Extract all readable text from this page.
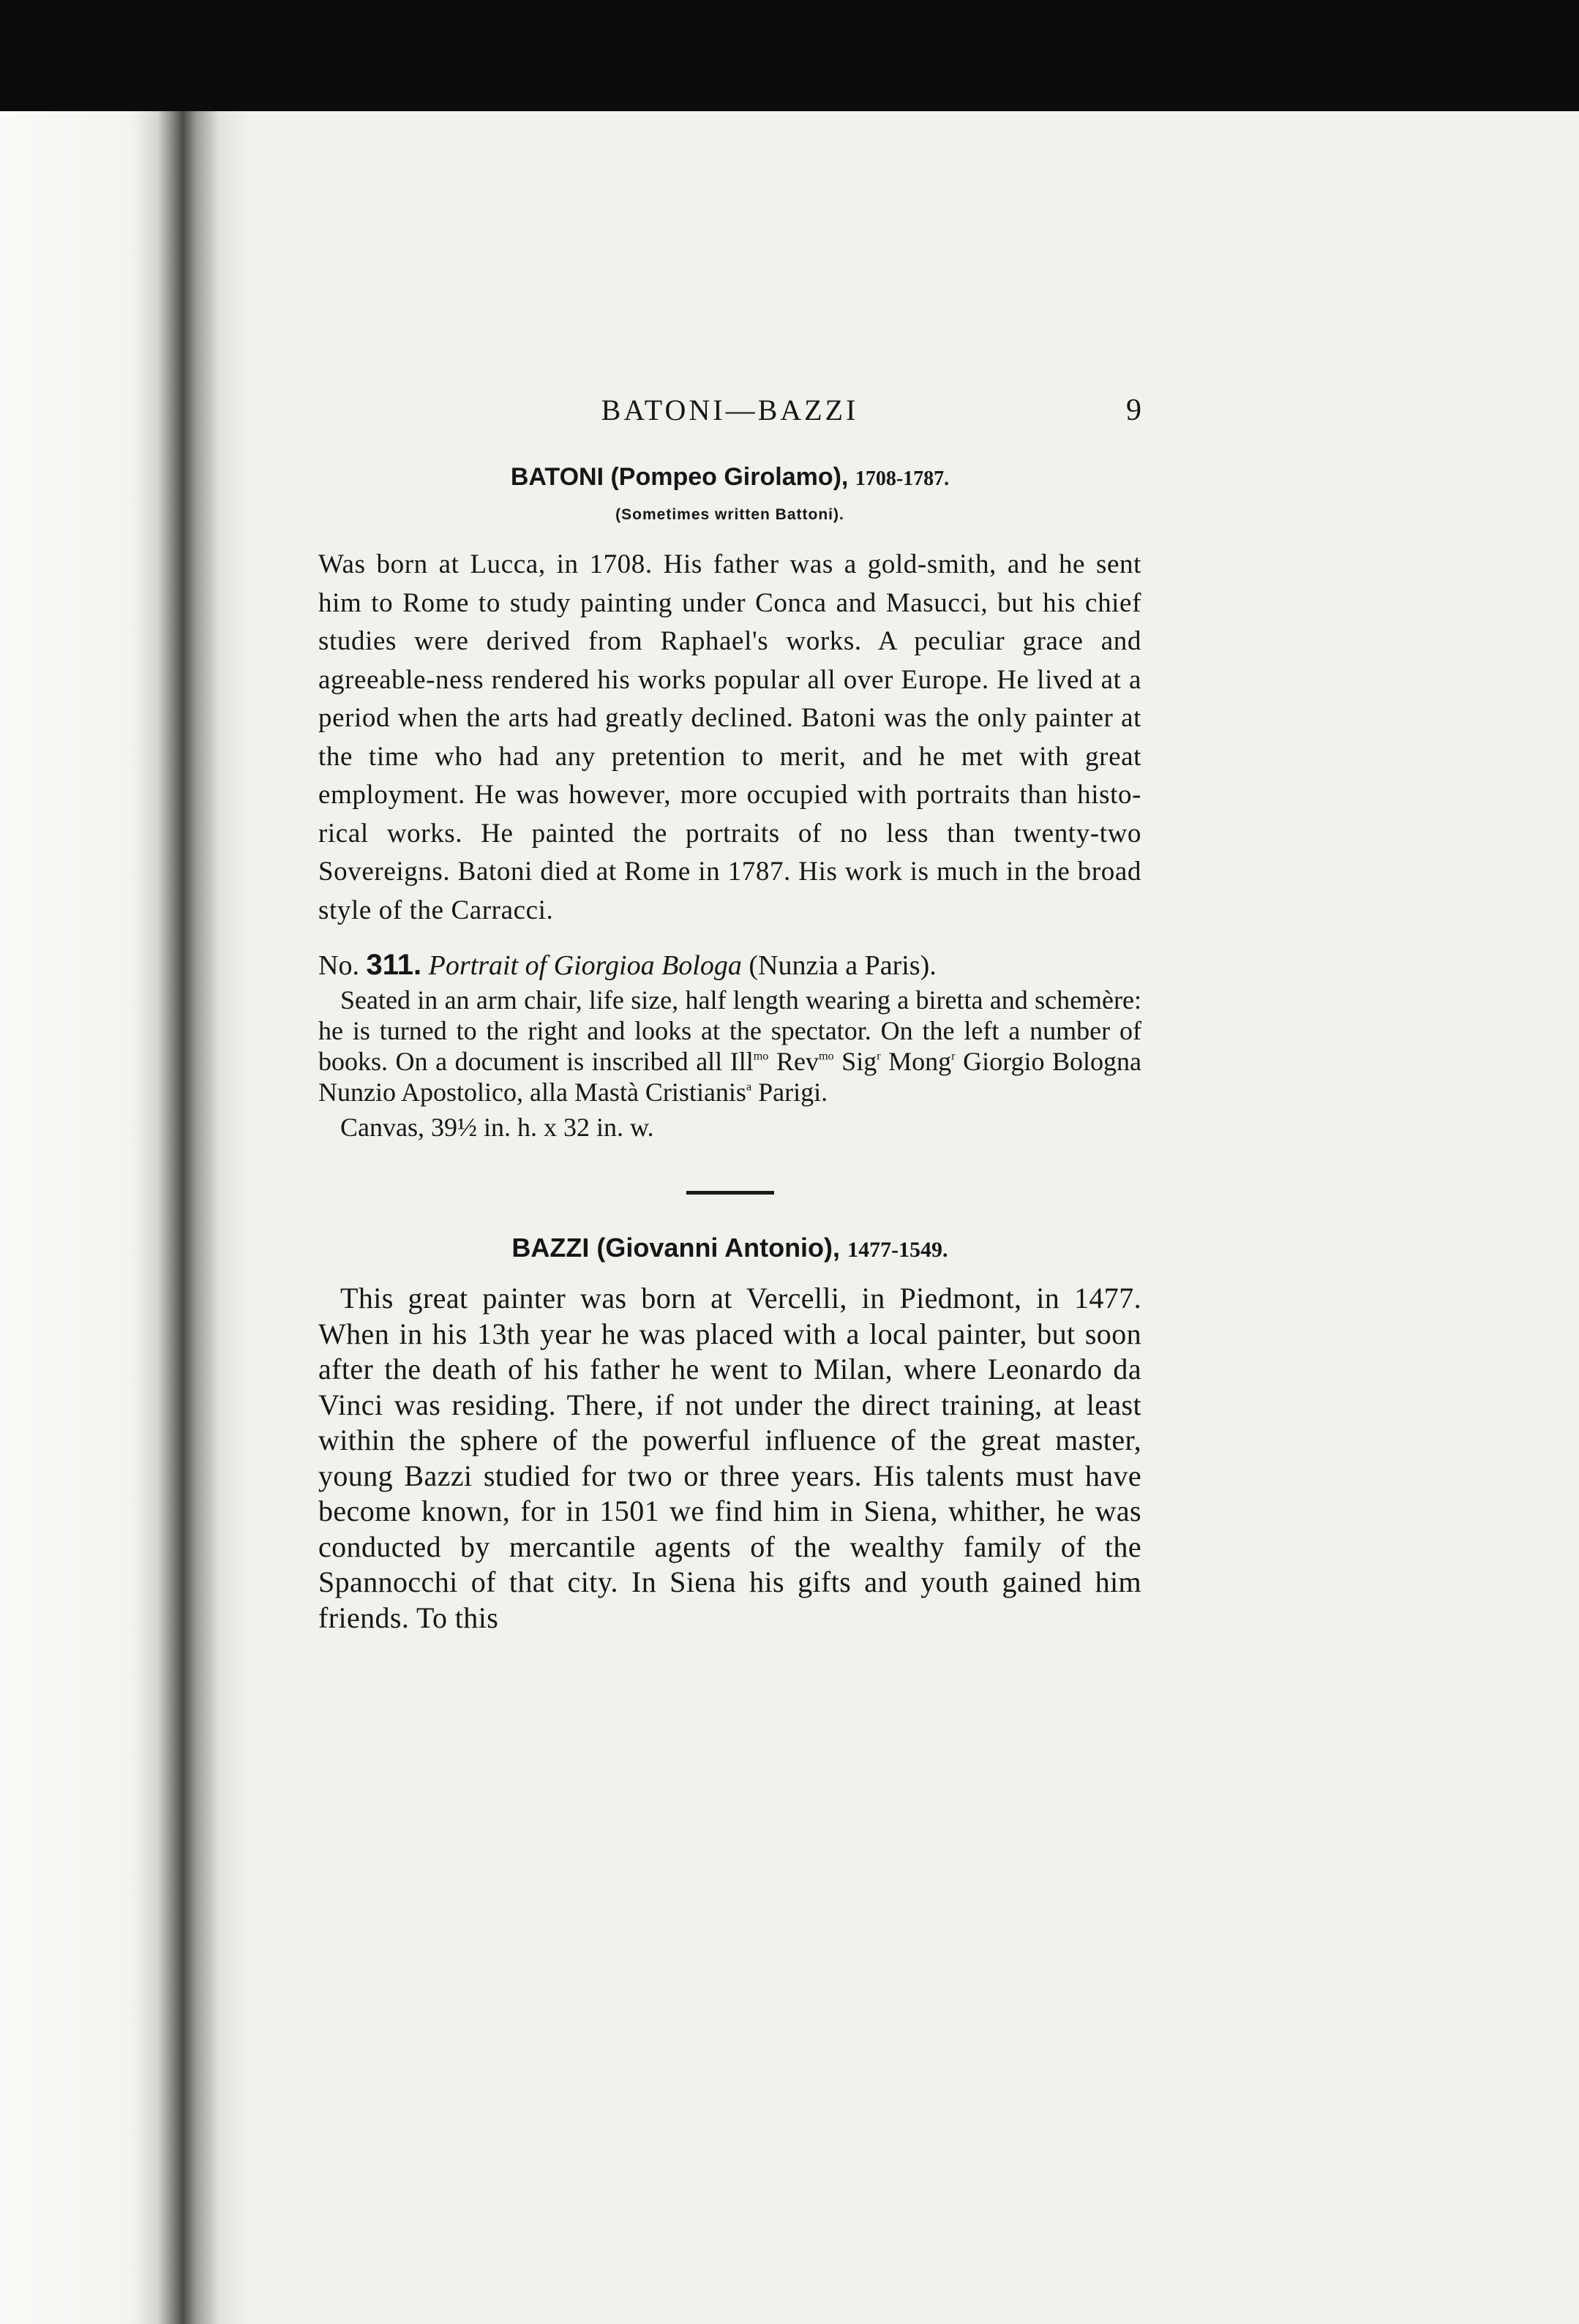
BATONI—BAZZI	9
BATONI (Pompeo Girolamo), 1708-1787.
(Sometimes written Battoni).

Was born at Lucca, in 1708. His father was a gold-smith, and he sent him to Rome to study painting under Conca and Masucci, but his chief studies were derived from Raphael's works. A peculiar grace and agreeable-ness rendered his works popular all over Europe. He lived at a period when the arts had greatly declined. Batoni was the only painter at the time who had any pretention to merit, and he met with great employment. He was however, more occupied with portraits than histo-rical works. He painted the portraits of no less than twenty-two Sovereigns. Batoni died at Rome in 1787. His work is much in the broad style of the Carracci.

No. 311. Portrait of Giorgioa Bologa (Nunzia a Paris).

Seated in an arm chair, life size, half length wearing a biretta and schemère: he is turned to the right and looks at the spectator. On the left a number of books. On a document is inscribed all Ill$^{mo}$ Rev$^{mo}$ Sig$^r$ Mong$^r$ Giorgio Bologna Nunzio Apostolico, alla Mastà Cristianis$^a$ Parigi.

Canvas, 39½ in. h. x 32 in. w.

BAZZI (Giovanni Antonio), 1477-1549.

This great painter was born at Vercelli, in Piedmont, in 1477. When in his 13th year he was placed with a local painter, but soon after the death of his father he went to Milan, where Leonardo da Vinci was residing. There, if not under the direct training, at least within the sphere of the powerful influence of the great master, young Bazzi studied for two or three years. His talents must have become known, for in 1501 we find him in Siena, whither, he was conducted by mercantile agents of the wealthy family of the Spannocchi of that city. In Siena his gifts and youth gained him friends. To this
